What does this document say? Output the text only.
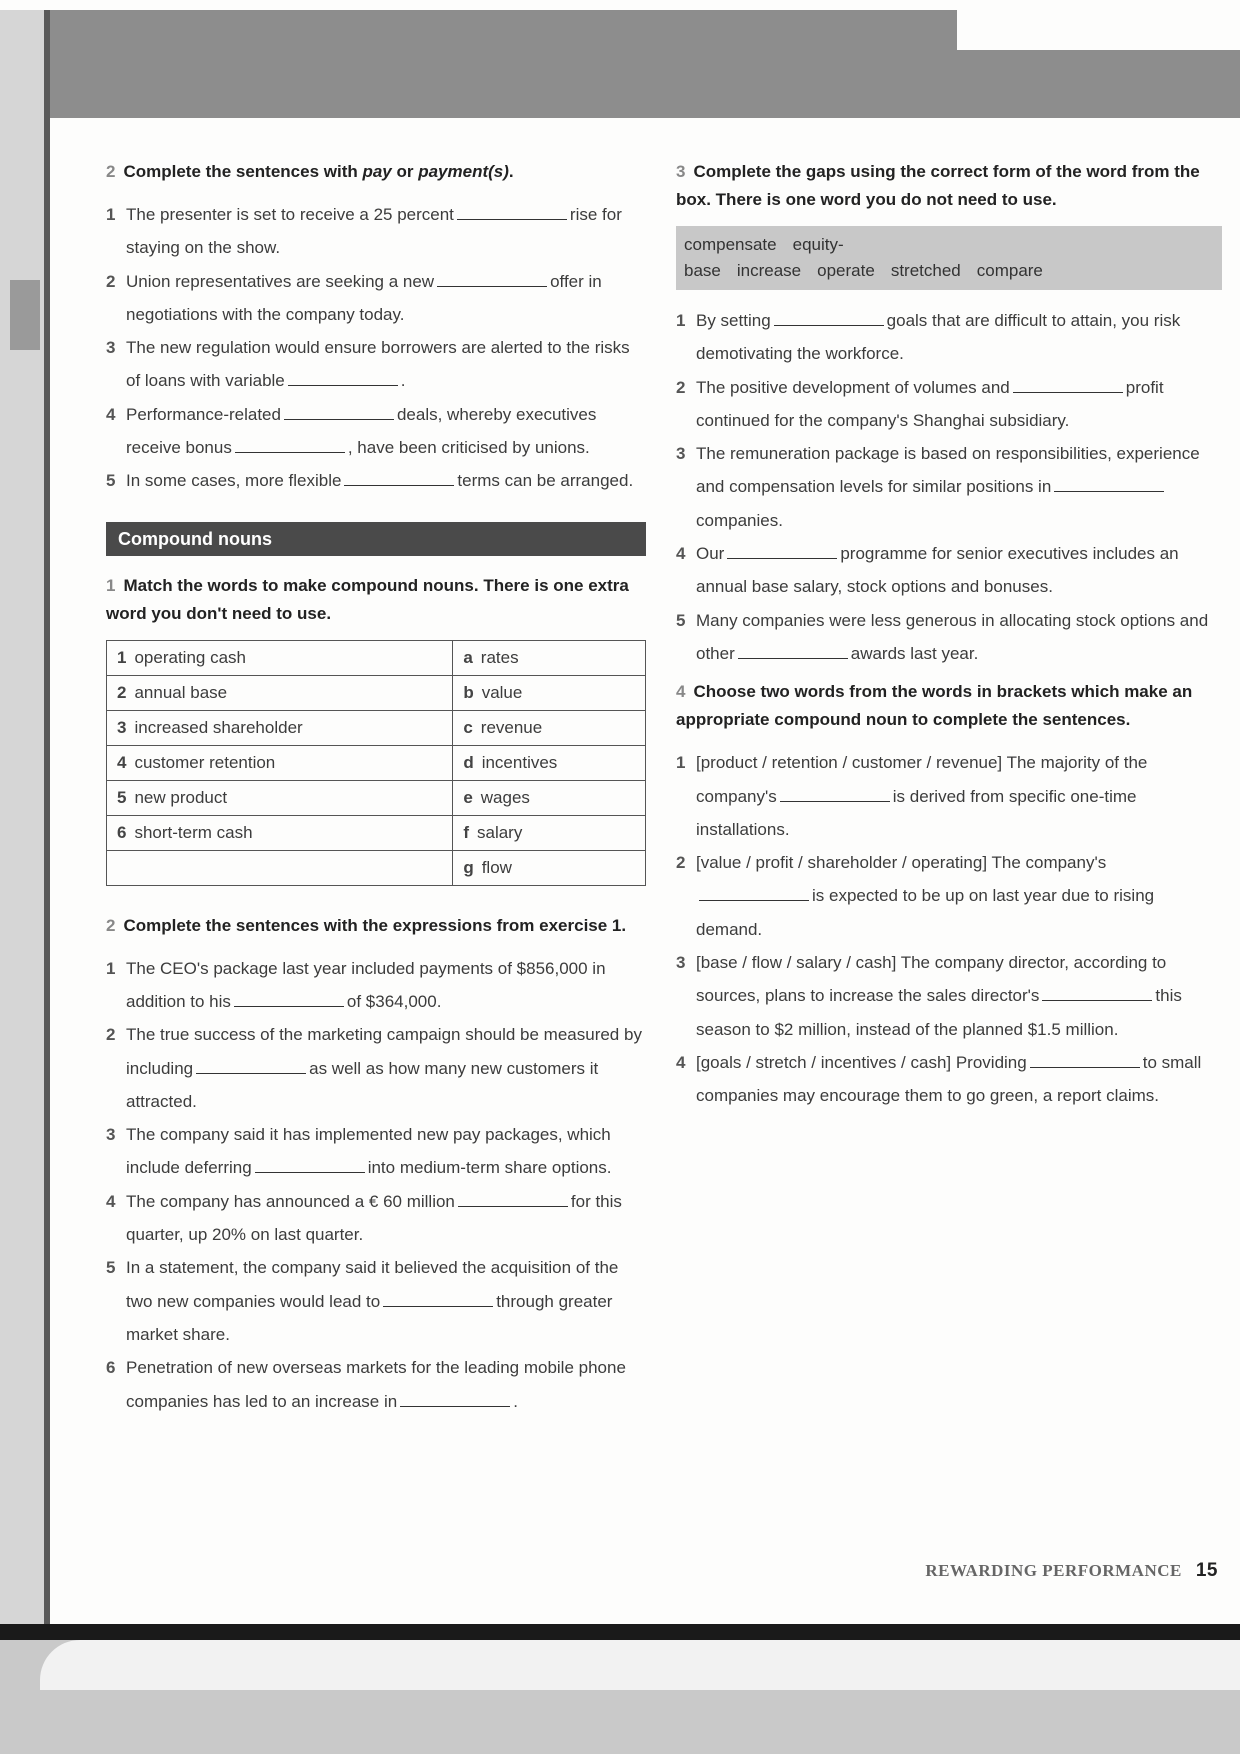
2 Complete the sentences with pay or payment(s).
1 The presenter is set to receive a 25 percent	rise for staying on the show.
2 Union representatives are seeking a new	offer in negotiations with the company today.
3 The new regulation would ensure borrowers are alerted to the risks of loans with variable	.
4 Performance-related	deals, whereby executives receive bonus	, have been criticised by unions.
5 In some cases, more flexible	terms can be arranged.
Compound nouns
1 Match the words to make compound nouns. There is one extra word you don't need to use.
1 operating cash	a rates
2 annual base	b value
3 increased shareholder	c revenue
4 customer retention	d incentives
5 new product	e wages
6 short-term cash	f salary
	g flow
2 Complete the sentences with the expressions from exercise 1.
1 The CEO's package last year included payments of $856,000 in addition to his	of $364,000.
2 The true success of the marketing campaign should be measured by including	as well as how many new customers it attracted.
3 The company said it has implemented new pay packages, which include deferring	into medium-term share options.
4 The company has announced a € 60 million	for this quarter, up 20% on last quarter.
5 In a statement, the company said it believed the acquisition of the two new companies would lead to	through greater market share.
6 Penetration of new overseas markets for the leading mobile phone companies has led to an increase in	.
3 Complete the gaps using the correct form of the word from the box. There is one word you do not need to use.
compensate equity-base increase operate stretched compare
1 By setting	goals that are difficult to attain, you risk demotivating the workforce.
2 The positive development of volumes and	profit continued for the company's Shanghai subsidiary.
3 The remuneration package is based on responsibilities, experience and compensation levels for similar positions incompanies.
4 Our	programme for senior executives includes an annual base salary, stock options and bonuses.
5 Many companies were less generous in allocating stock options and other	awards last year.
4 Choose two words from the words in brackets which make an appropriate compound noun to complete the sentences.
1 [product / retention / customer / revenue] The majority of the company's	is derived from specific one-time installations.
2 [value / profit / shareholder / operating] The company'sis expected to be up on last year due to rising demand.
3 [base / flow / salary / cash] The company director, according to sources, plans to increase the sales director's	this season to $2 million, instead of the planned $1.5 million.
4 [goals / stretch / incentives / cash] Providing	to small companies may encourage them to go green, a report claims.
REWARDING PERFORMANCE 15
